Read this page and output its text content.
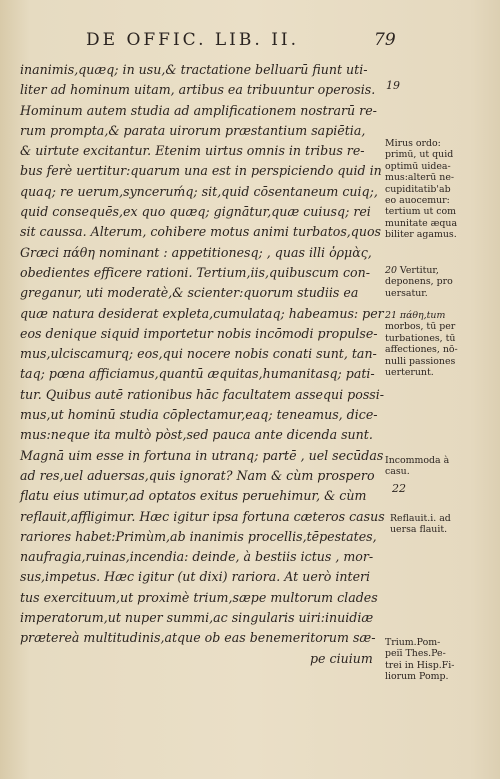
DE OFFIC. LIB. II.	79
inanimis,quæq; in usu,& tractatione belluarū fiunt uti-
liter ad hominum uitam, artibus ea tribuuntur operosis.
Hominum autem studia ad amplificationem nostrarū re-
rum prompta,& parata uirorum præstantium sapiētia,
& uirtute excitantur. Etenim uirtus omnis in tribus re-
bus ferè uertitur:quarum una est in perspiciendo quid in
quaq; re uerum,synceruḿq; sit,quid cōsentaneum cuiq;,
quid consequēs,ex quo quæq; gignātur,quæ cuiusq; rei
sit caussa. Alterum, cohibere motus animi turbatos,quos
Græci πάθη nominant : appetitionesq; , quas illi ὁρμὰς,
obedientes efficere rationi. Tertium,iis,quibuscum con-
greganur, uti moderatè,& scienter:quorum studiis ea
quæ natura desiderat expleta,cumulataq; habeamus: per
eos denique siquid importetur nobis incōmodi propulse-
mus,ulciscamurq; eos,qui nocere nobis conati sunt, tan-
taq; pœna afficiamus,quantū æquitas,humanitasq; pati-
tur. Quibus autē rationibus hāc facultatem assequi possi-
mus,ut hominū studia cōplectamur,eaq; teneamus, dice-
mus:neque ita multò pòst,sed pauca ante dicenda sunt.
Magnā uim esse in fortuna in utranq; partē , uel secūdas
ad res,uel aduersas,quis ignorat? Nam & cùm prospero
flatu eius utimur,ad optatos exitus peruehimur, & cùm
reflauit,affligimur. Hæc igitur ipsa fortuna cæteros casus
rariores habet:Primùm,ab inanimis procellis,tēpestates,
naufragia,ruinas,incendia: deinde, à bestiis ictus , mor-
sus,impetus. Hæc igitur (ut dixi) rariora. At uerò interi
tus exercituum,ut proximè trium,sæpe multorum clades
imperatorum,ut nuper summi,ac singularis uiri:inuidiæ
prætereà multitudinis,atque ob eas benemeritorum sæ-
pe ciuium
19
Mirus ordo:
primū, ut quid
optimū uidea-
mus:alterū ne-
cupiditatib'ab
eo auocemur:
tertium ut com
munitate æqua
biliter agamus.
20 Vertitur,
deponens, pro
uersatur.
21 πάθη,tum
morbos, tū per
turbationes, tū
affectiones, nō-
nulli passiones
uerterunt.
Incommoda à
casu.
22
Reflauit.i. ad
uersa flauit.
Trium.Pom-
peiī Thes.Pe-
trei in Hisp.Fi-
liorum Pomp.
